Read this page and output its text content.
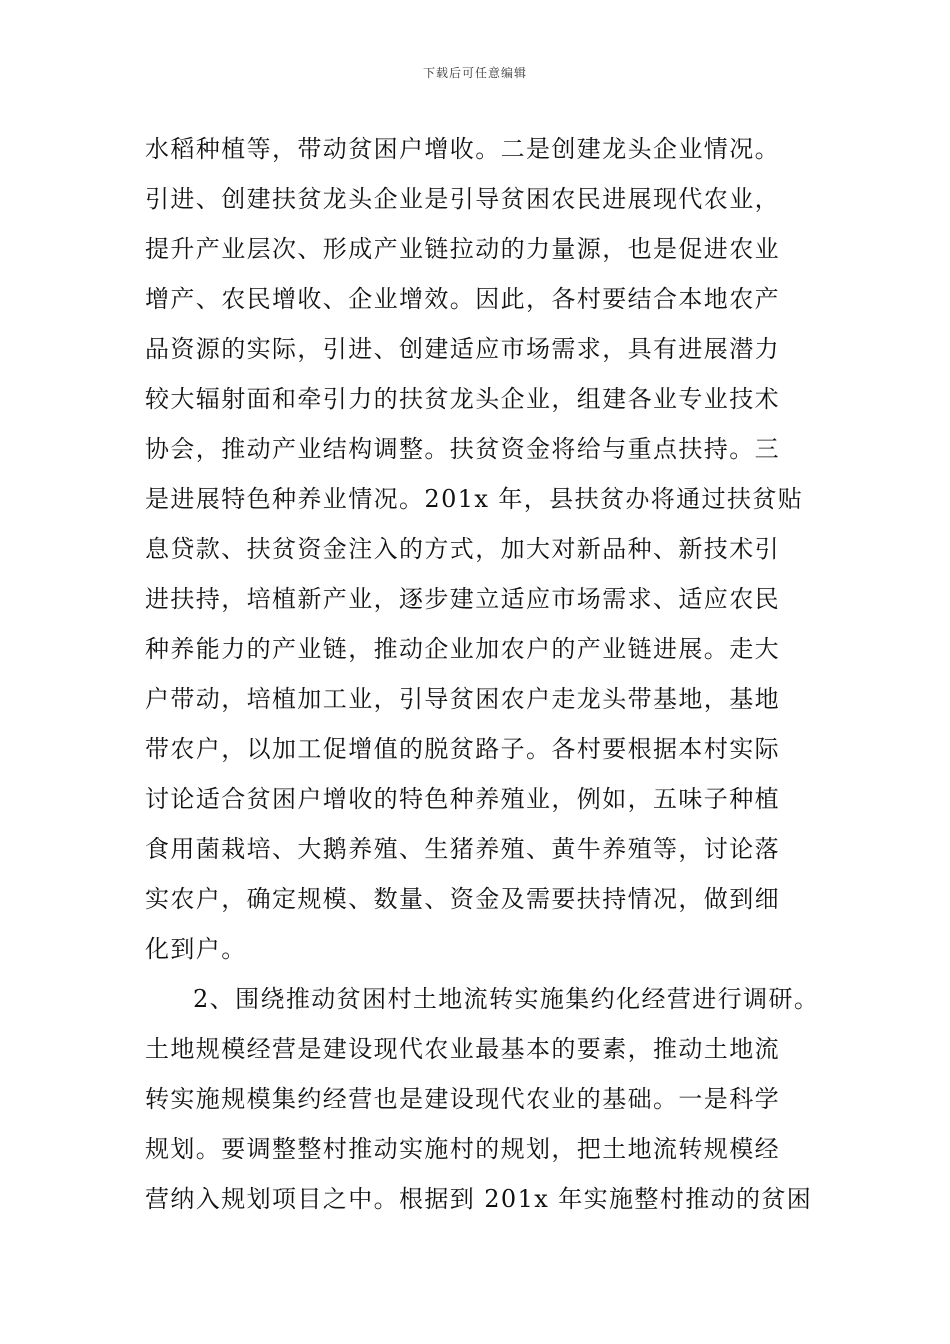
下载后可任意编辑
水稻种植等，带动贫困户增收。二是创建龙头企业情况。
引进、创建扶贫龙头企业是引导贫困农民进展现代农业，
提升产业层次、形成产业链拉动的力量源，也是促进农业
增产、农民增收、企业增效。因此，各村要结合本地农产
品资源的实际，引进、创建适应市场需求，具有进展潜力
较大辐射面和牵引力的扶贫龙头企业，组建各业专业技术
协会，推动产业结构调整。扶贫资金将给与重点扶持。三
是进展特色种养业情况。201x 年，县扶贫办将通过扶贫贴
息贷款、扶贫资金注入的方式，加大对新品种、新技术引
进扶持，培植新产业，逐步建立适应市场需求、适应农民
种养能力的产业链，推动企业加农户的产业链进展。走大
户带动，培植加工业，引导贫困农户走龙头带基地，基地
带农户，以加工促增值的脱贫路子。各村要根据本村实际
讨论适合贫困户增收的特色种养殖业，例如，五味子种植
食用菌栽培、大鹅养殖、生猪养殖、黄牛养殖等，讨论落
实农户，确定规模、数量、资金及需要扶持情况，做到细
化到户。
2、围绕推动贫困村土地流转实施集约化经营进行调研。
土地规模经营是建设现代农业最基本的要素，推动土地流
转实施规模集约经营也是建设现代农业的基础。一是科学
规划。要调整整村推动实施村的规划，把土地流转规模经
营纳入规划项目之中。根据到 201x 年实施整村推动的贫困
